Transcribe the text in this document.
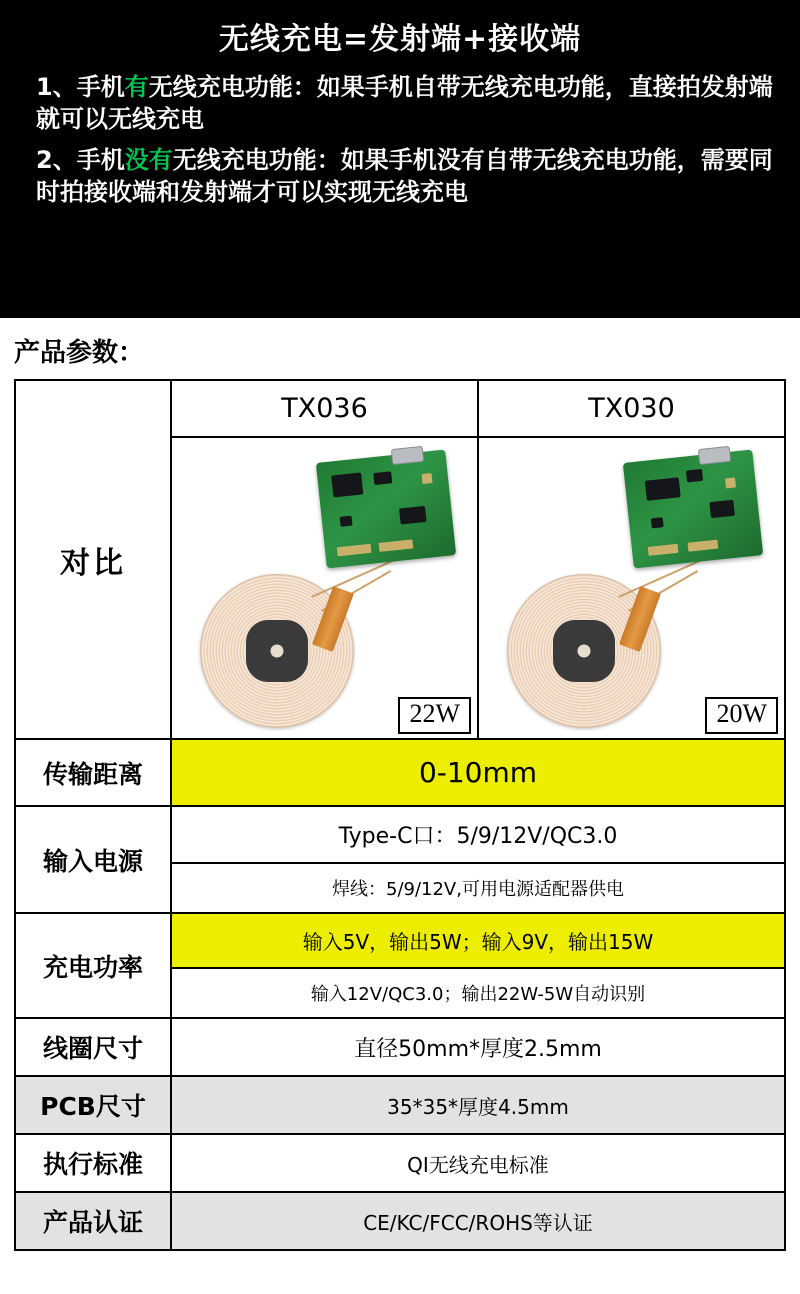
无线充电=发射端+接收端
1、手机有无线充电功能：如果手机自带无线充电功能，直接拍发射端就可以无线充电
2、手机没有无线充电功能：如果手机没有自带无线充电功能，需要同时拍接收端和发射端才可以实现无线充电
产品参数：
对比	TX036	TX030

	22W	20W

传输距离	0-10mm	
输入电源	Type-C口：5/9/12V/QC3.0	
	焊线：5/9/12V,可用电源适配器供电	
充电功率	输入5V，输出5W；输入9V，输出15W	
	输入12V/QC3.0；输出22W-5W自动识别	
线圈尺寸	直径50mm*厚度2.5mm	
PCB尺寸	35*35*厚度4.5mm	
执行标准	QI无线充电标准	
产品认证	CE/KC/FCC/ROHS等认证	
